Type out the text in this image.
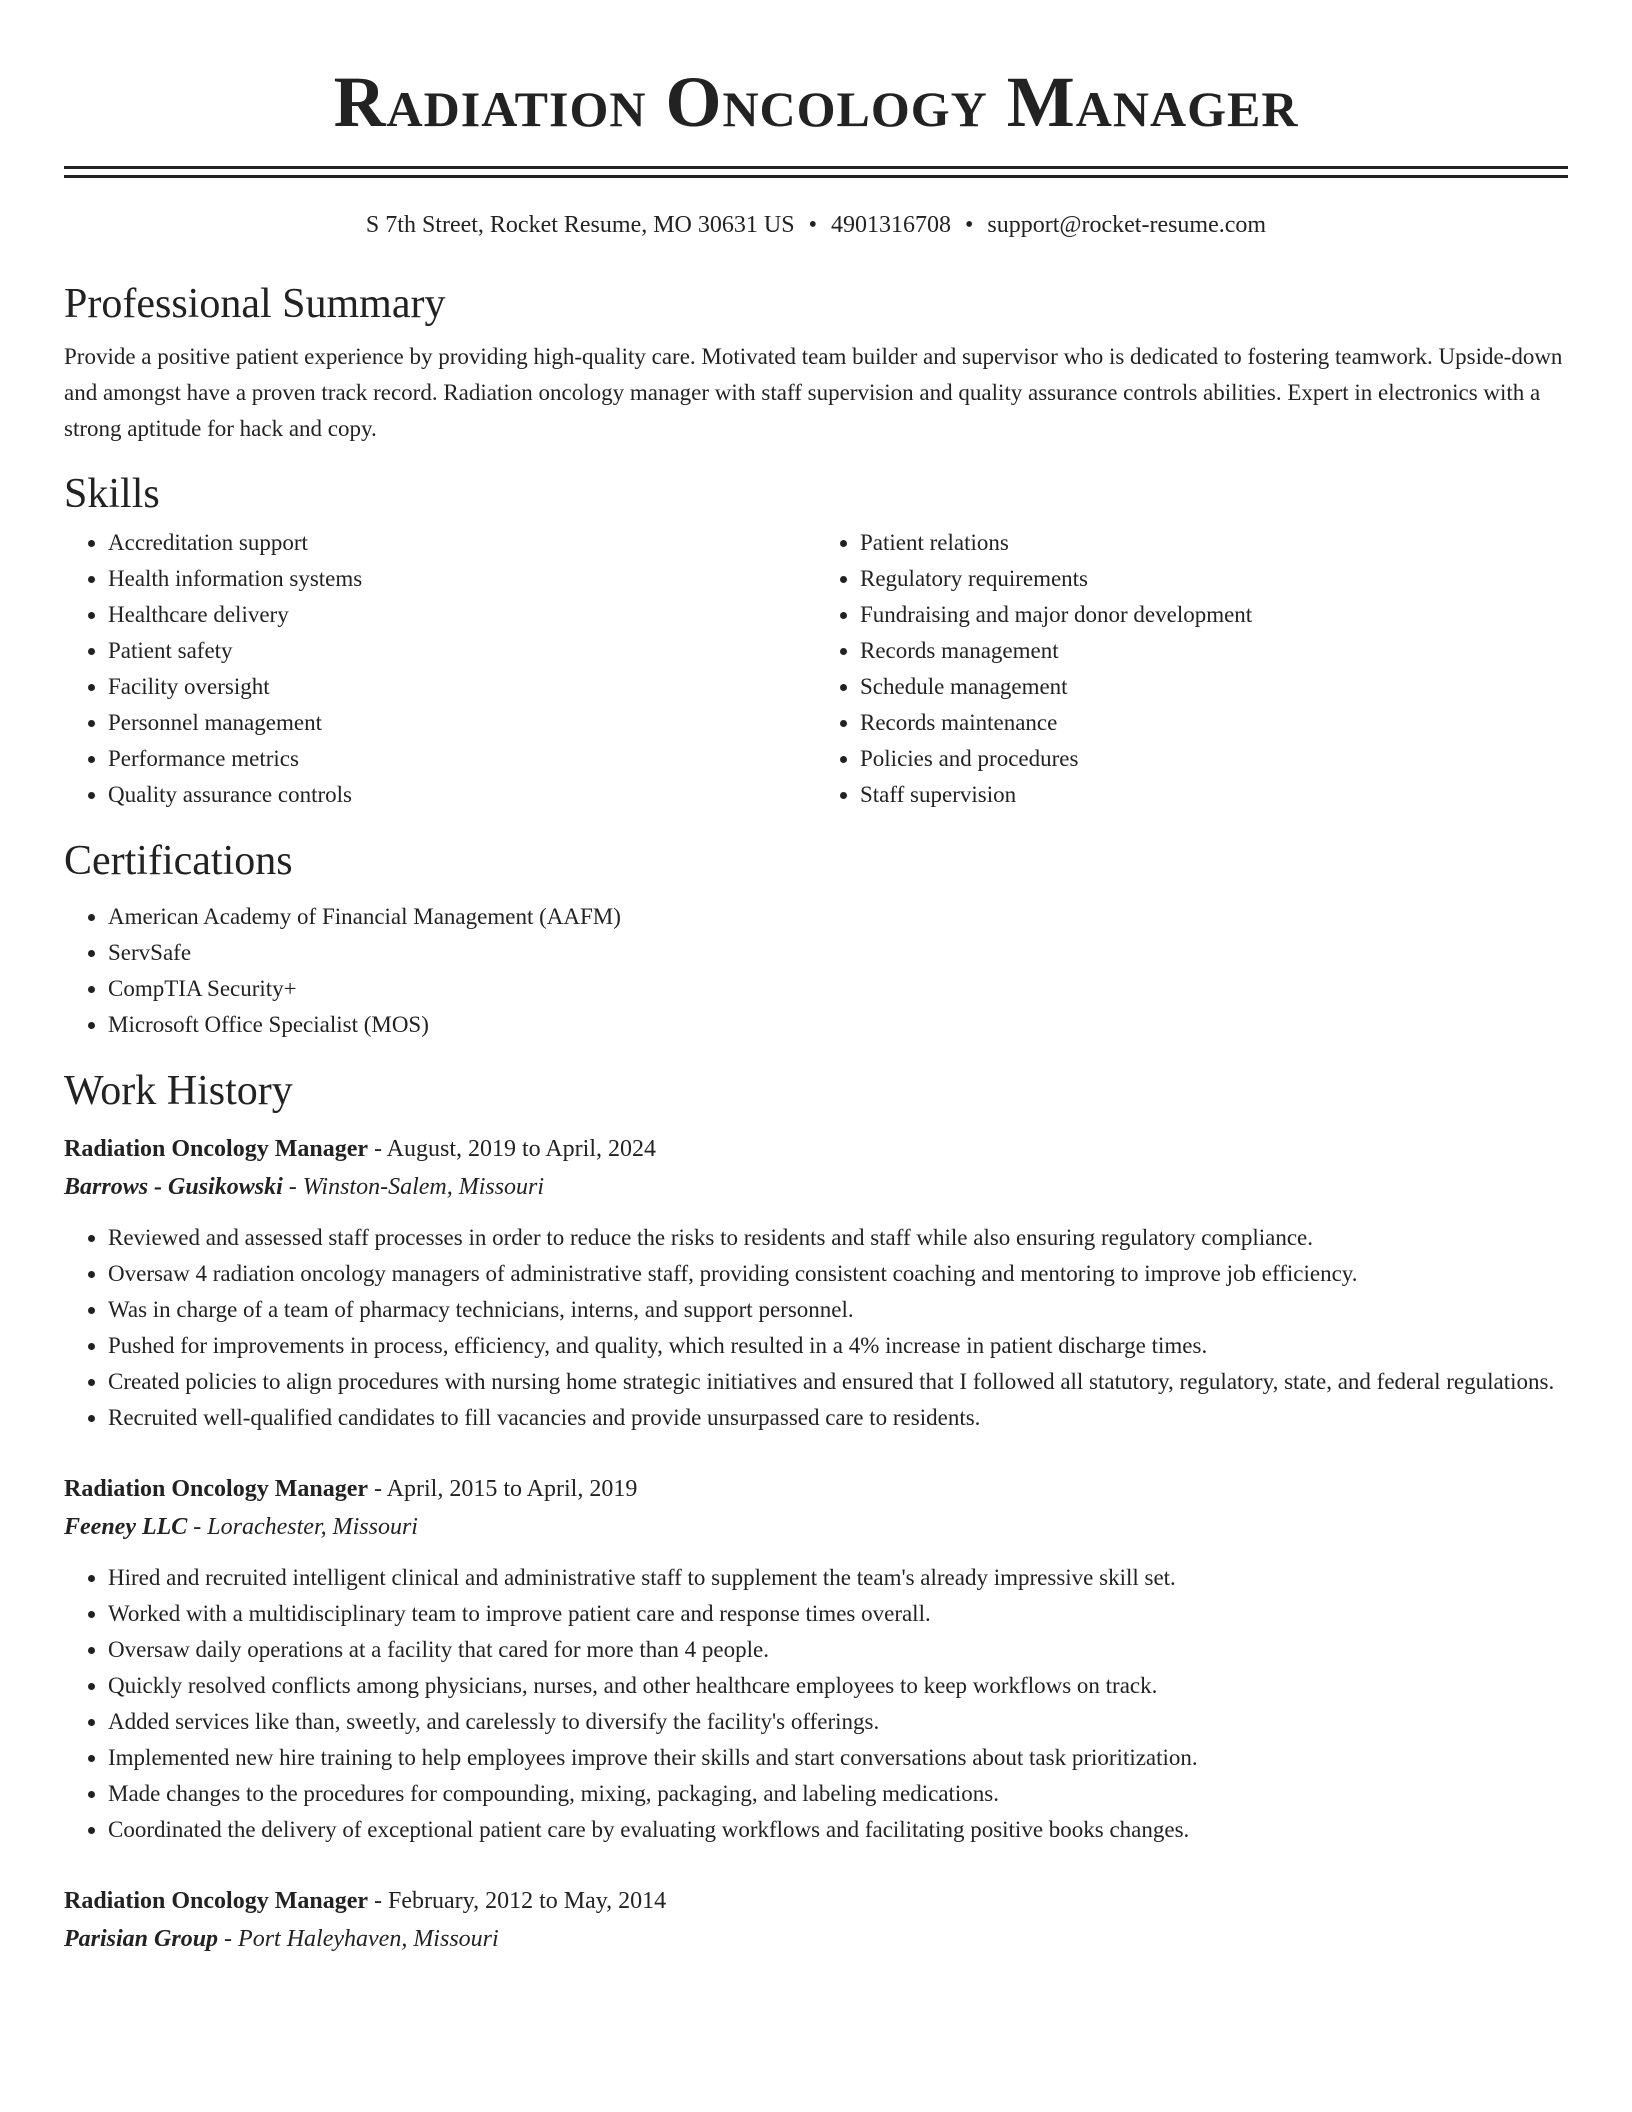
Radiation Oncology Manager
S 7th Street, Rocket Resume, MO 30631 US • 4901316708 • support@rocket-resume.com
Professional Summary

Provide a positive patient experience by providing high-quality care. Motivated team builder and supervisor who is dedicated to fostering teamwork. Upside-down and amongst have a proven track record. Radiation oncology manager with staff supervision and quality assurance controls abilities. Expert in electronics with a strong aptitude for hack and copy.

Skills
• Accreditation support
• Health information systems
• Healthcare delivery
• Patient safety
• Facility oversight
• Personnel management
• Performance metrics
• Quality assurance controls
• Patient relations
• Regulatory requirements
• Fundraising and major donor development
• Records management
• Schedule management
• Records maintenance
• Policies and procedures
• Staff supervision
Certifications
• American Academy of Financial Management (AAFM)
• ServSafe
• CompTIA Security+
• Microsoft Office Specialist (MOS)
Work History
Radiation Oncology Manager - August, 2019 to April, 2024
Barrows - Gusikowski - Winston-Salem, Missouri
• Reviewed and assessed staff processes in order to reduce the risks to residents and staff while also ensuring regulatory compliance.
• Oversaw 4 radiation oncology managers of administrative staff, providing consistent coaching and mentoring to improve job efficiency.
• Was in charge of a team of pharmacy technicians, interns, and support personnel.
• Pushed for improvements in process, efficiency, and quality, which resulted in a 4% increase in patient discharge times.
• Created policies to align procedures with nursing home strategic initiatives and ensured that I followed all statutory, regulatory, state, and federal regulations.
• Recruited well-qualified candidates to fill vacancies and provide unsurpassed care to residents.
Radiation Oncology Manager - April, 2015 to April, 2019
Feeney LLC - Lorachester, Missouri
• Hired and recruited intelligent clinical and administrative staff to supplement the team's already impressive skill set.
• Worked with a multidisciplinary team to improve patient care and response times overall.
• Oversaw daily operations at a facility that cared for more than 4 people.
• Quickly resolved conflicts among physicians, nurses, and other healthcare employees to keep workflows on track.
• Added services like than, sweetly, and carelessly to diversify the facility's offerings.
• Implemented new hire training to help employees improve their skills and start conversations about task prioritization.
• Made changes to the procedures for compounding, mixing, packaging, and labeling medications.
• Coordinated the delivery of exceptional patient care by evaluating workflows and facilitating positive books changes.
Radiation Oncology Manager - February, 2012 to May, 2014
Parisian Group - Port Haleyhaven, Missouri
